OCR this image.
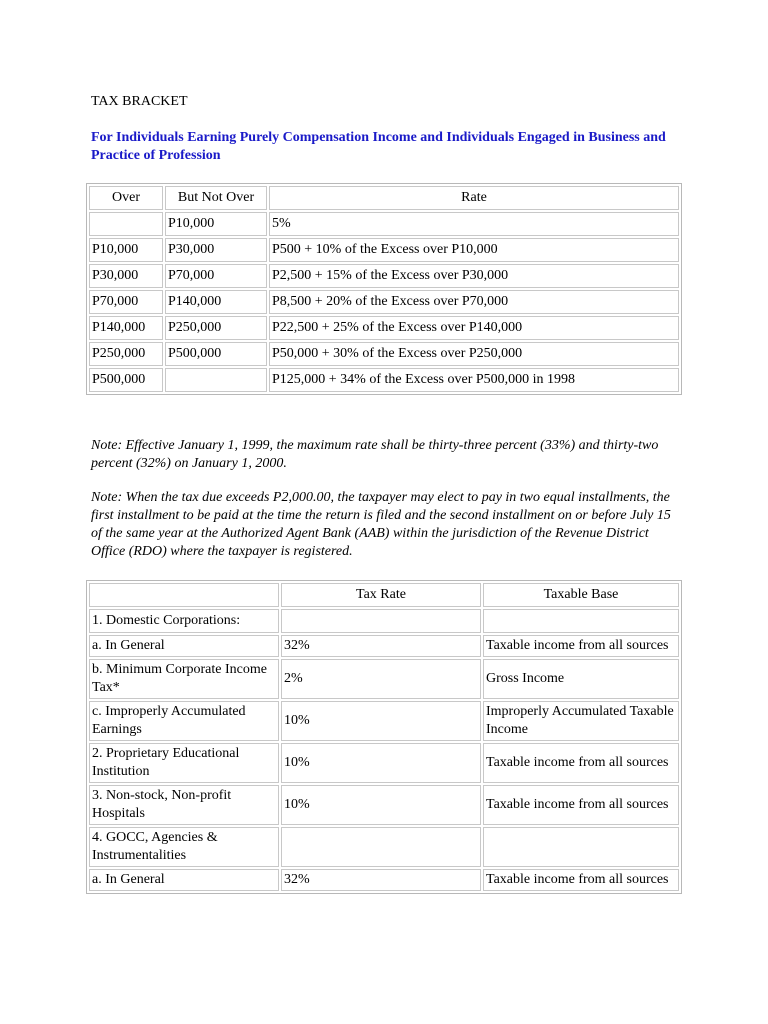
TAX BRACKET
For Individuals Earning Purely Compensation Income and Individuals Engaged in Business and Practice of Profession
Over	But Not Over	Rate
	P10,000	5%
P10,000	P30,000	P500 + 10% of the Excess over P10,000
P30,000	P70,000	P2,500 + 15% of the Excess over P30,000
P70,000	P140,000	P8,500 + 20% of the Excess over P70,000
P140,000	P250,000	P22,500 + 25% of the Excess over P140,000
P250,000	P500,000	P50,000 + 30% of the Excess over P250,000
P500,000		P125,000 + 34% of the Excess over P500,000 in 1998
Note: Effective January 1, 1999, the maximum rate shall be thirty-three percent (33%) and thirty-two percent (32%) on January 1, 2000.
Note: When the tax due exceeds P2,000.00, the taxpayer may elect to pay in two equal installments, the first installment to be paid at the time the return is filed and the second installment on or before July 15 of the same year at the Authorized Agent Bank (AAB) within the jurisdiction of the Revenue District Office (RDO) where the taxpayer is registered.
	Tax Rate	Taxable Base
1. Domestic Corporations:		
a. In General	32%	Taxable income from all sources
b. Minimum Corporate Income Tax*	2%	Gross Income
c. Improperly Accumulated Earnings	10%	Improperly Accumulated Taxable Income
2. Proprietary Educational Institution	10%	Taxable income from all sources
3. Non-stock, Non-profit Hospitals	10%	Taxable income from all sources
4. GOCC, Agencies & Instrumentalities		
a. In General	32%	Taxable income from all sources
